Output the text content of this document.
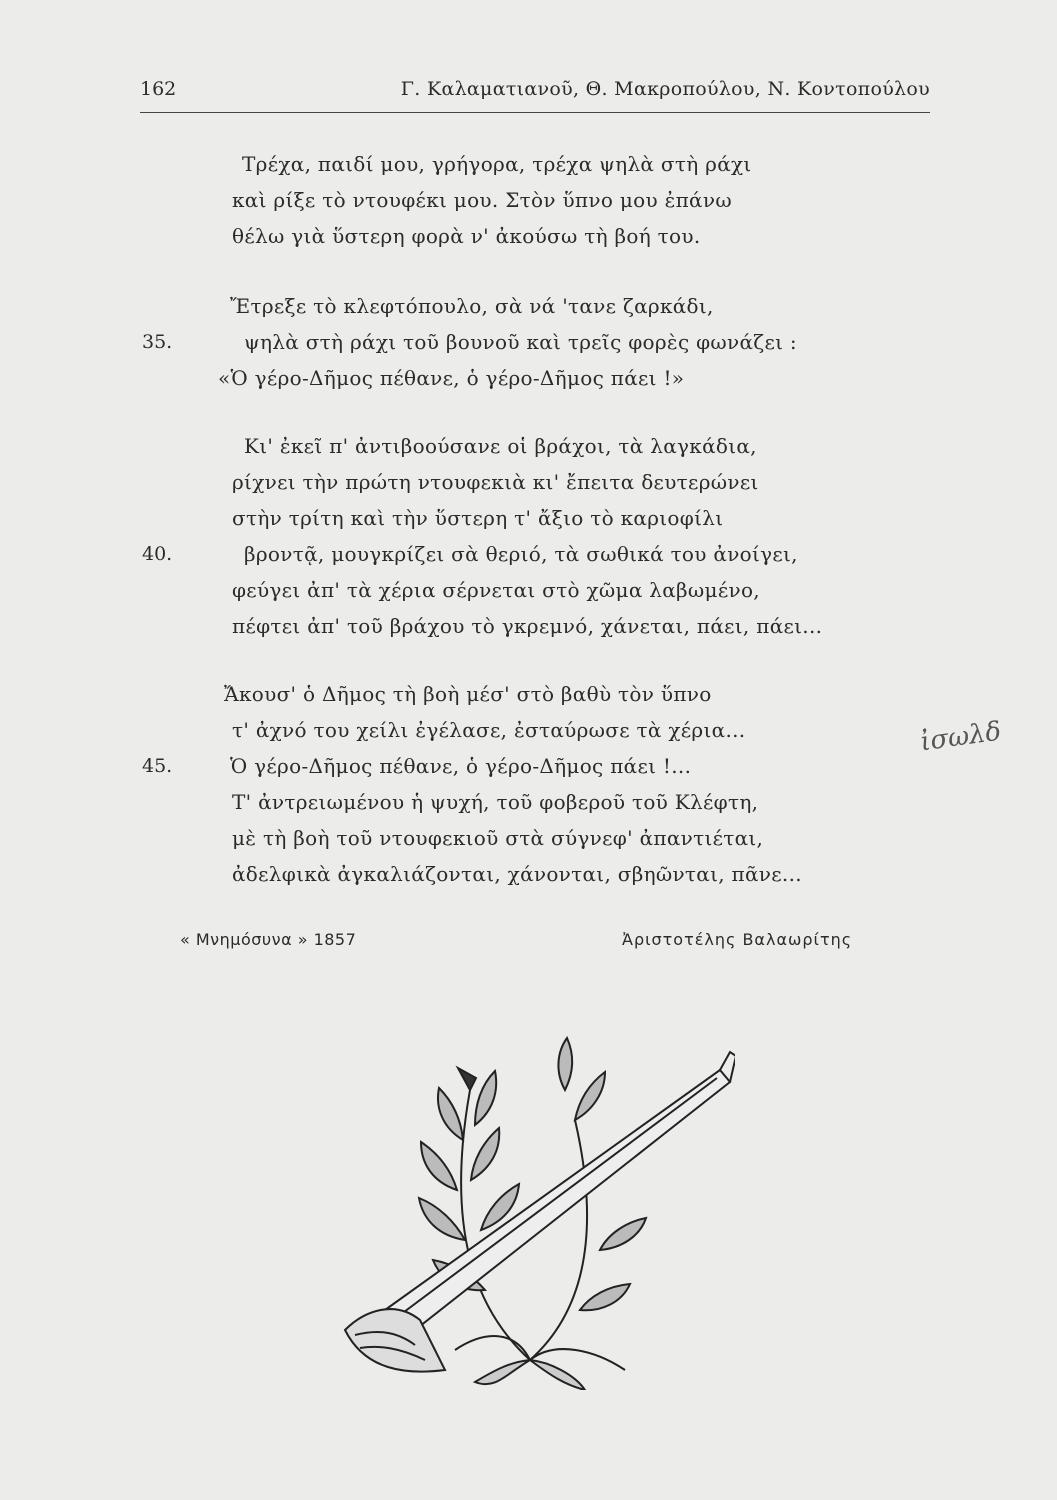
162	Γ. Καλαματιανοῦ, Θ. Μακροπούλου, Ν. Κοντοπούλου
Τρέχα, παιδί μου, γρήγορα, τρέχα ψηλὰ στὴ ράχι
καὶ ρίξε τὸ ντουφέκι μου. Στὸν ὕπνο μου ἐπάνω
θέλω γιὰ ὕστερη φορὰ ν' ἀκούσω τὴ βοή του.
Ἔτρεξε τὸ κλεφτόπουλο, σὰ νά 'τανε ζαρκάδι,
35.	ψηλὰ στὴ ράχι τοῦ βουνοῦ καὶ τρεῖς φορὲς φωνάζει :
«Ὁ γέρο-Δῆμος πέθανε, ὁ γέρο-Δῆμος πάει !»
Κι' ἐκεῖ π' ἀντιβοούσανε οἱ βράχοι, τὰ λαγκάδια,
ρίχνει τὴν πρώτη ντουφεκιὰ κι' ἔπειτα δευτερώνει
στὴν τρίτη καὶ τὴν ὕστερη τ' ἄξιο τὸ καριοφίλι
40.	βροντᾷ, μουγκρίζει σὰ θεριό, τὰ σωθικά του ἀνοίγει,
φεύγει ἀπ' τὰ χέρια σέρνεται στὸ χῶμα λαβωμένο,
πέφτει ἀπ' τοῦ βράχου τὸ γκρεμνό, χάνεται, πάει, πάει...
Ἄκουσ' ὁ Δῆμος τὴ βοὴ μέσ' στὸ βαθὺ τὸν ὕπνο
τ' ἀχνό του χείλι ἐγέλασε, ἐσταύρωσε τὰ χέρια...
45.	Ὁ γέρο-Δῆμος πέθανε, ὁ γέρο-Δῆμος πάει !...
Τ' ἀντρειωμένου ἡ ψυχή, τοῦ φοβεροῦ τοῦ Κλέφτη,
μὲ τὴ βοὴ τοῦ ντουφεκιοῦ στὰ σύγνεφ' ἀπαντιέται,
ἀδελφικὰ ἀγκαλιάζονται, χάνονται, σβηῶνται, πᾶνε...
« Μνημόσυνα » 1857	Ἀριστοτέλης Βαλαωρίτης
ἰσωλδ
